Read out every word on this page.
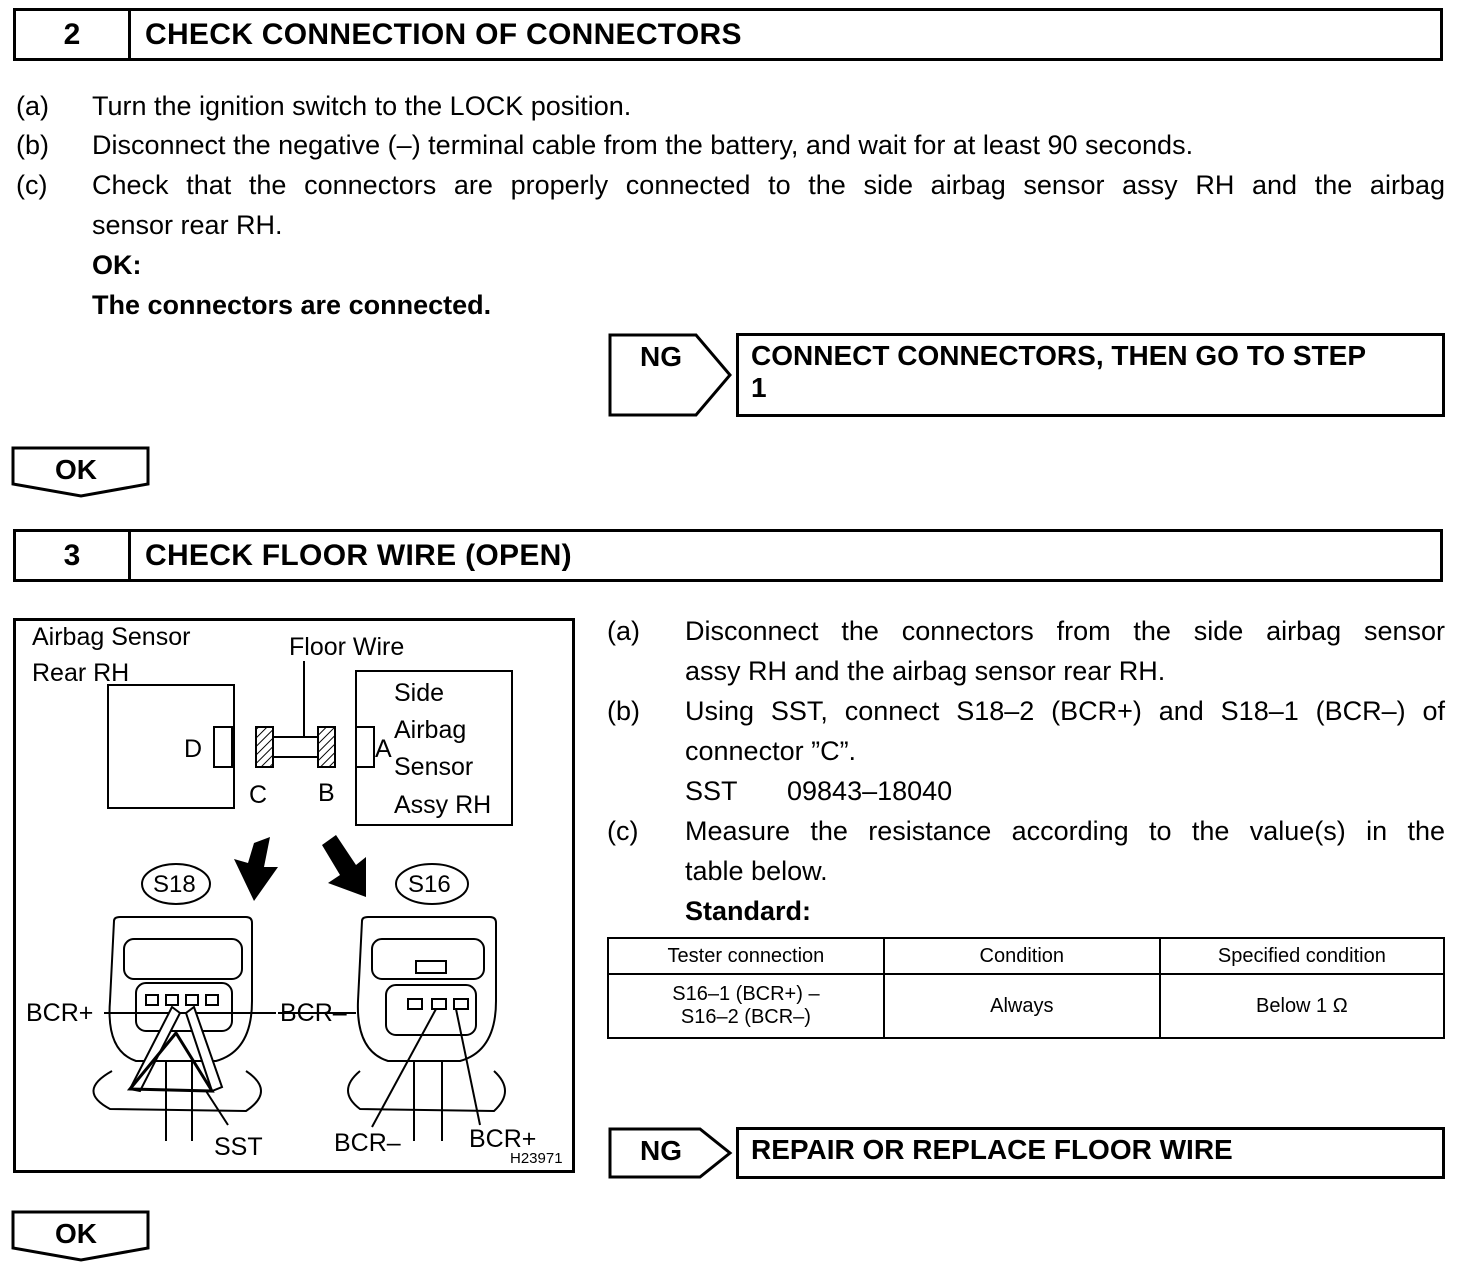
2	CHECK CONNECTION OF CONNECTORS
(a) Turn the ignition switch to the LOCK position.
(b) Disconnect the negative (–) terminal cable from the battery, and wait for at least 90 seconds.
(c) Check that the connectors are properly connected to the side airbag sensor assy RH and the airbag
sensor rear RH.
OK:
The connectors are connected.
NG CONNECT CONNECTORS, THEN GO TO STEP
1
OK
3	CHECK FLOOR WIRE (OPEN)
Airbag Sensor
Rear RH
Floor Wire
Side
Airbag
Sensor
Assy RH
D
C B
A
S18	S16
BCR+	BCR–
SST	BCR–	BCR+
H23971
(a) Disconnect the connectors from the side airbag sensor
assy RH and the airbag sensor rear RH.
(b) Using SST, connect S18–2 (BCR+) and S18–1 (BCR–) of
connector ”C”.
SST 09843–18040
(c) Measure the resistance according to the value(s) in the
table below.
Standard:
Tester connection	Condition	Specified condition

S16–1 (BCR+) –
S16–2 (BCR–)	Always	Below 1 Ω
NG REPAIR OR REPLACE FLOOR WIRE
OK
